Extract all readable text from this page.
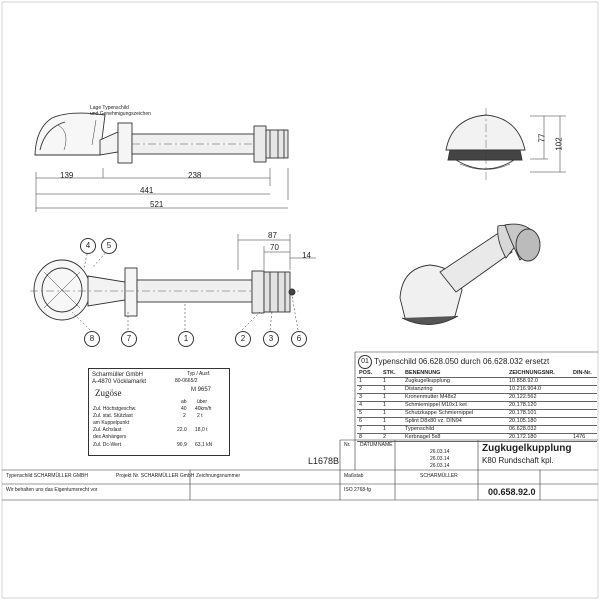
Lage Typenschild
und Genehmigungszeichen
139	238
441
521
77 102
87
70
14
4	5
8	7	1	2	3	6
Scharmüller GmbH
A-4870 Vöcklamarkt
Typ / Ausf.
80-0665/2
M 9657
Zugöse
ab über
Zul. Höchstgeschw.	40 40km/h
Zul. stat. Stützlast	2 2 t
am Kuppelpunkt
Zul. Achslast	22.0 18,0 t
des Anhängers
Zul. Dc-Wert	90,9 63,1 kN
L1678B
01 Typenschild 06.628.050 durch 06.628.032 ersetzt
POS.	STK.	BENENNUNG	ZEICHNUNGSNR.	DIN-Nr.
1	1	Zugkugelkupplung	10.858.92.0	
2	1	Distanzring	10.216.904.0	
3	1	Kronenmutter M48x2	20.122.562	
4	1	Schmiernippel M10x1 ket	20.178.120	
5	1	Schutzkappe Schmiernippel	20.178.101	
6	1	Splint D8x80 vz. DIN94	20.105.180	
7	1	Typenschild	06.628.032	
8	2	Kerbnagel 5x8	20.172.180	1476
Nr. DATUM NAME
26.03.14
26.03.14
26.03.14
Zugkugelkupplung
K80 Rundschaft kpl.
Maßstab
ISO 2768-fg
SCHARMÜLLER
00.658.92.0
Typenschild SCHARMÜLLER GMBH
Wir behalten uns das Eigentumsrecht vor
Projekt Nr. SCHARMÜLLER GmbH Zeichnungsnummer
